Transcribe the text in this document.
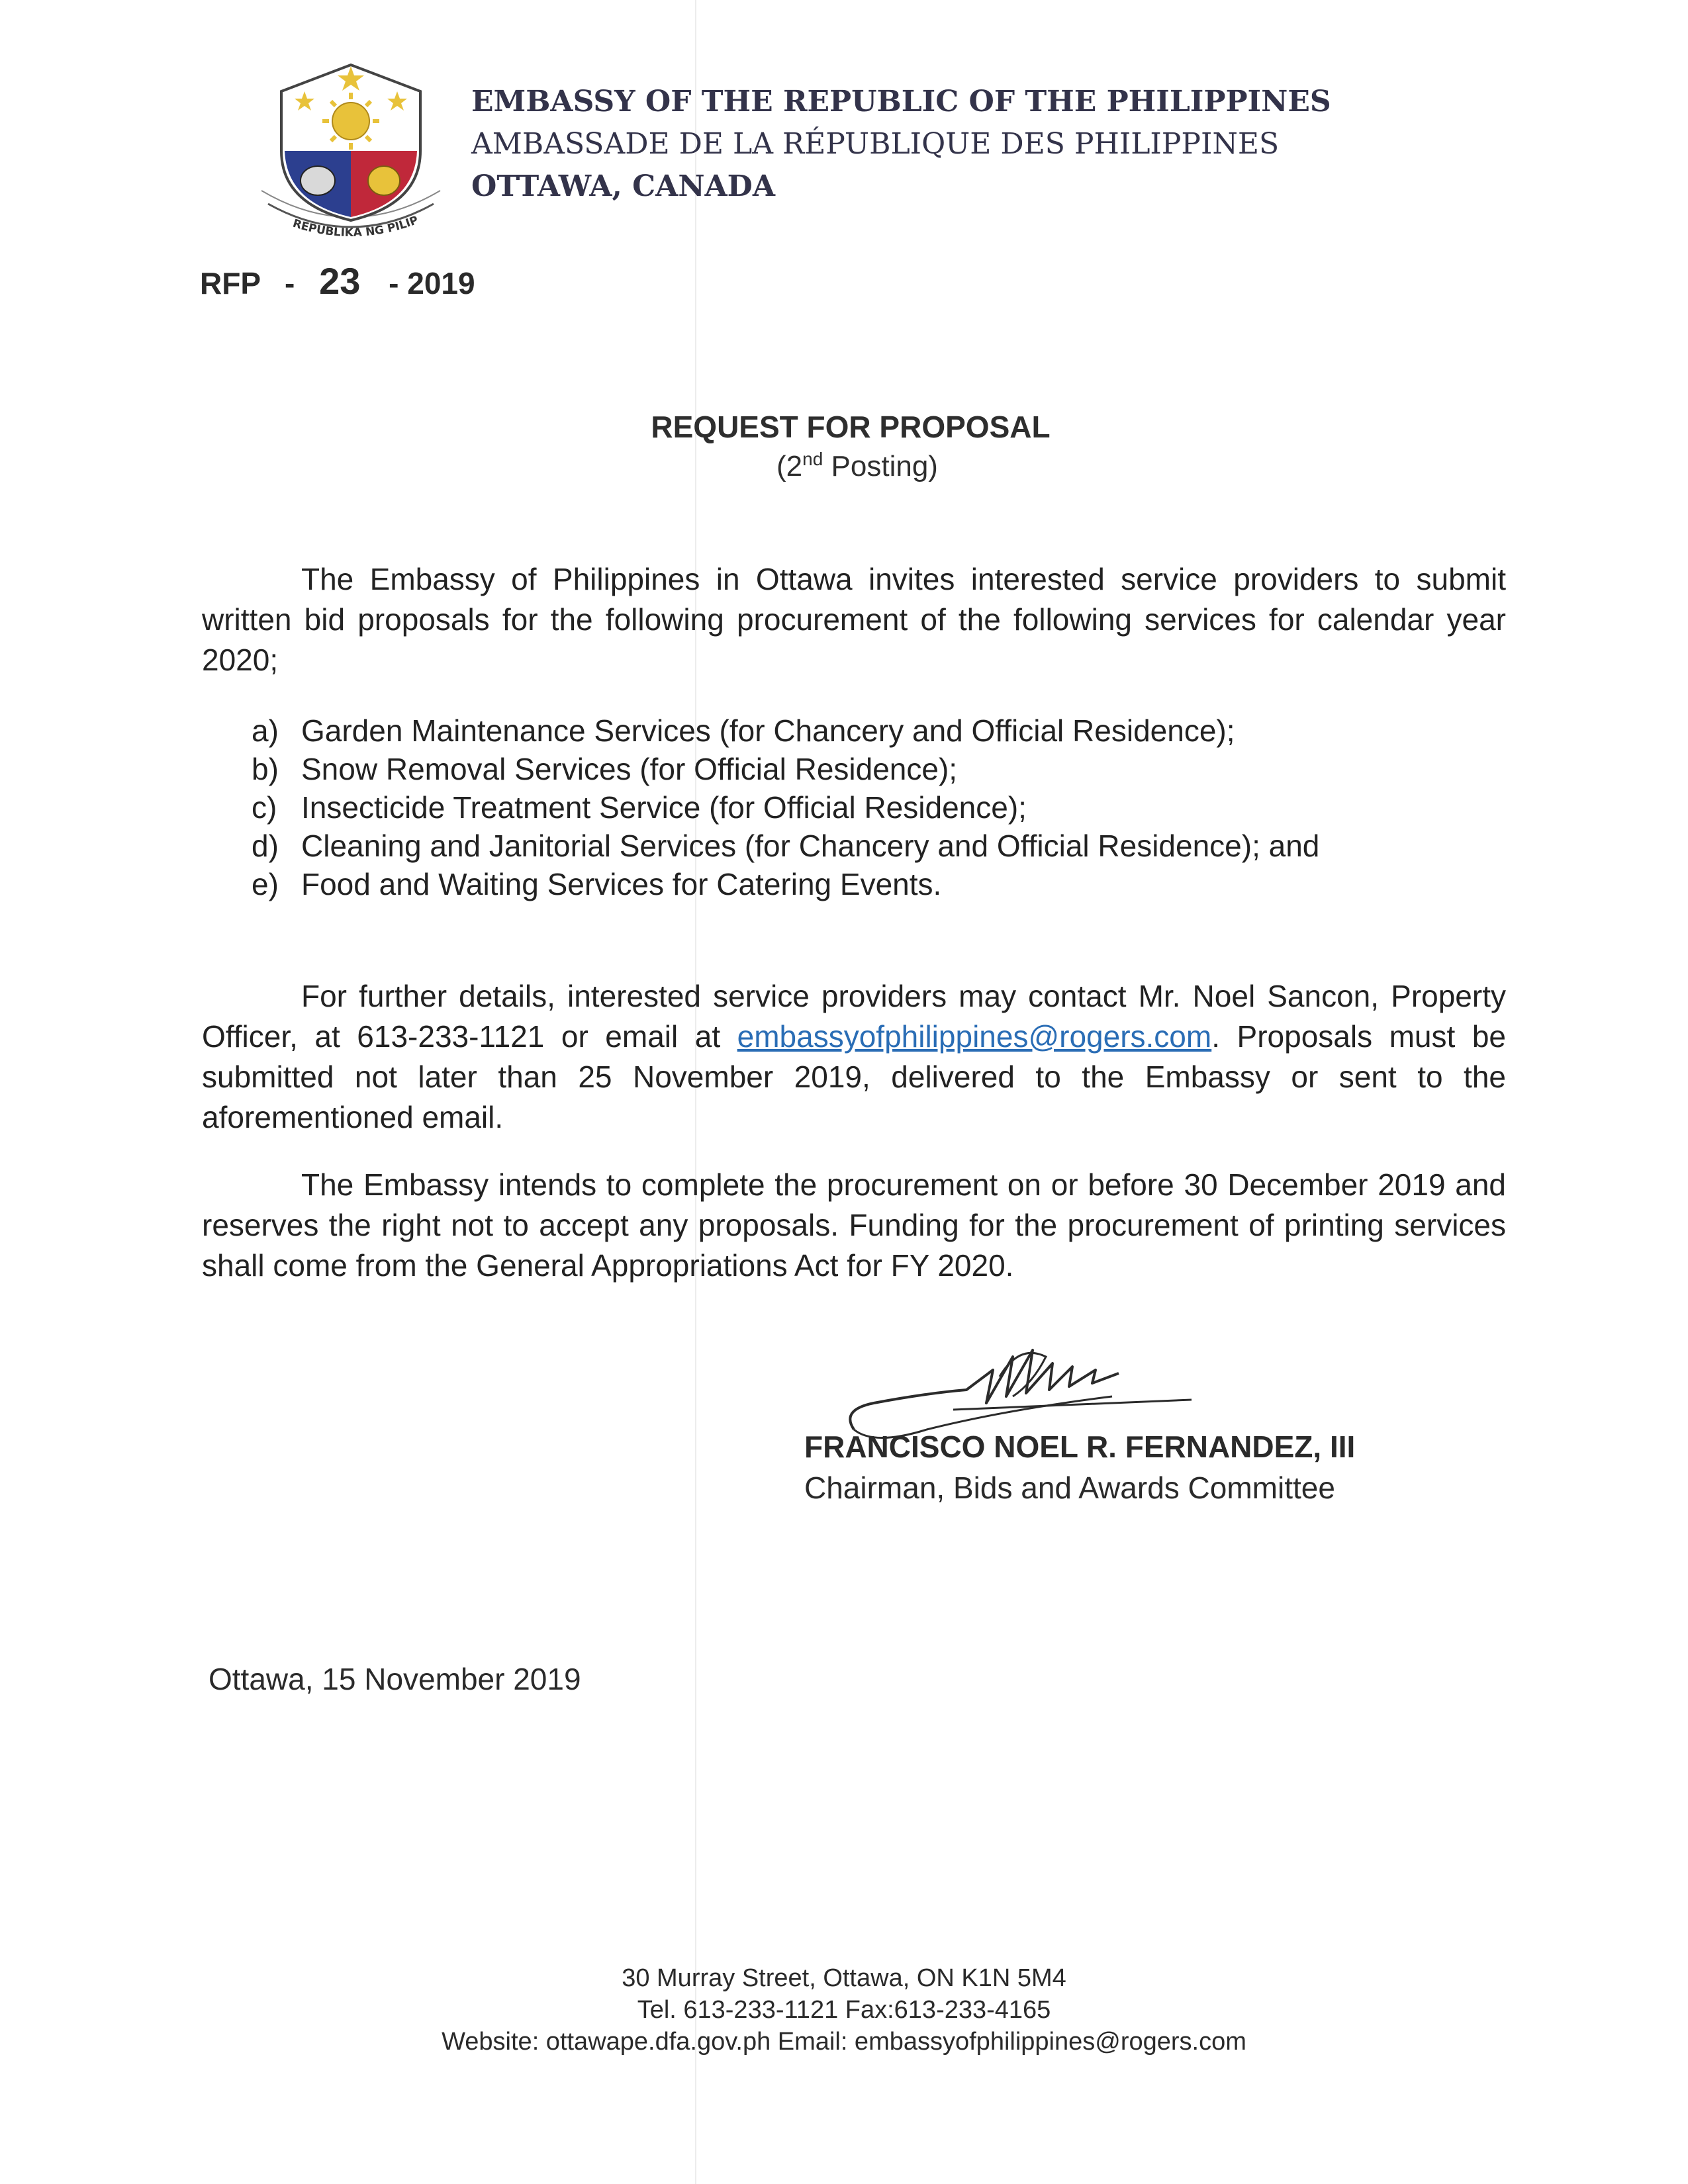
REPUBLIKA NG PILIP
EMBASSY OF THE REPUBLIC OF THE PHILIPPINES
AMBASSADE DE LA RÉPUBLIQUE DES PHILIPPINES
OTTAWA, CANADA
RFP - 23 - 2019
REQUEST FOR PROPOSAL
(2nd Posting)
The Embassy of Philippines in Ottawa invites interested service providers to submit written bid proposals for the following procurement of the following services for calendar year 2020;
a) Garden Maintenance Services (for Chancery and Official Residence);
b) Snow Removal Services (for Official Residence);
c) Insecticide Treatment Service (for Official Residence);
d) Cleaning and Janitorial Services (for Chancery and Official Residence); and
e) Food and Waiting Services for Catering Events.
For further details, interested service providers may contact Mr. Noel Sancon, Property Officer, at 613-233-1121 or email at embassyofphilippines@rogers.com. Proposals must be submitted not later than 25 November 2019, delivered to the Embassy or sent to the aforementioned email.
The Embassy intends to complete the procurement on or before 30 December 2019 and reserves the right not to accept any proposals. Funding for the procurement of printing services shall come from the General Appropriations Act for FY 2020.
FRANCISCO NOEL R. FERNANDEZ, III
Chairman, Bids and Awards Committee
Ottawa, 15 November 2019
30 Murray Street, Ottawa, ON K1N 5M4
Tel. 613-233-1121 Fax:613-233-4165
Website: ottawape.dfa.gov.ph Email: embassyofphilippines@rogers.com
